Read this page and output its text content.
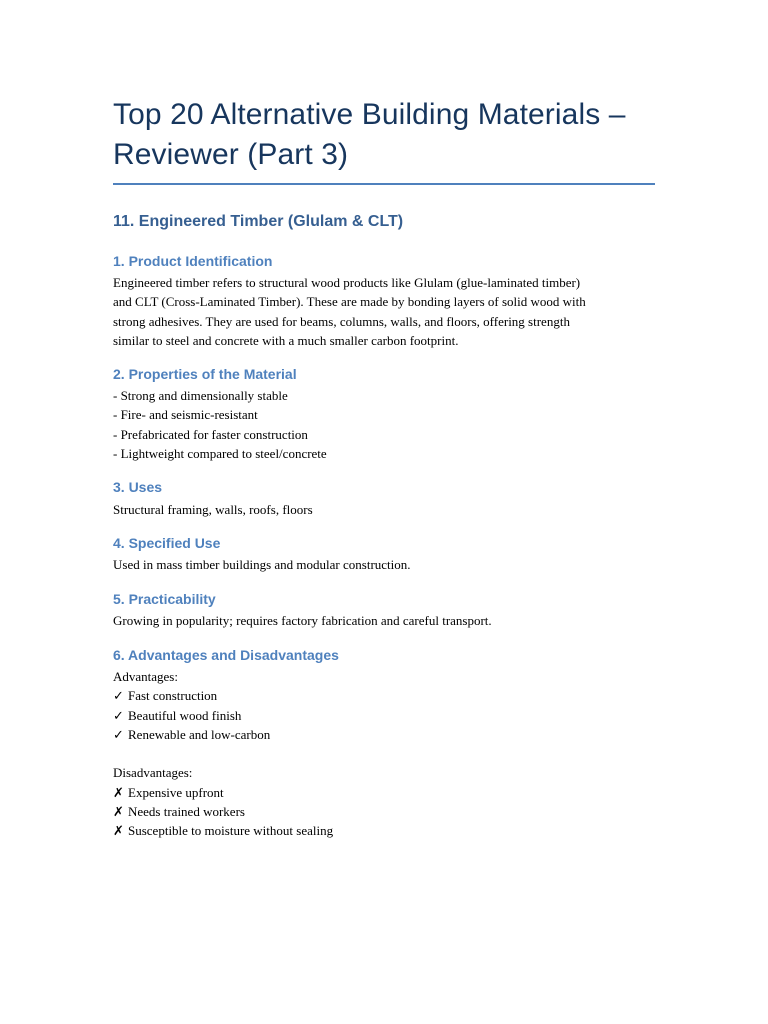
Top 20 Alternative Building Materials –
Reviewer (Part 3)
11. Engineered Timber (Glulam & CLT)
1. Product Identification
Engineered timber refers to structural wood products like Glulam (glue-laminated timber)
and CLT (Cross-Laminated Timber). These are made by bonding layers of solid wood with
strong adhesives. They are used for beams, columns, walls, and floors, offering strength
similar to steel and concrete with a much smaller carbon footprint.
2. Properties of the Material
- Strong and dimensionally stable
- Fire- and seismic-resistant
- Prefabricated for faster construction
- Lightweight compared to steel/concrete
3. Uses
Structural framing, walls, roofs, floors
4. Specified Use
Used in mass timber buildings and modular construction.
5. Practicability
Growing in popularity; requires factory fabrication and careful transport.
6. Advantages and Disadvantages
Advantages:
✓ Fast construction
✓ Beautiful wood finish
✓ Renewable and low-carbon
Disadvantages:
✗ Expensive upfront
✗ Needs trained workers
✗ Susceptible to moisture without sealing
